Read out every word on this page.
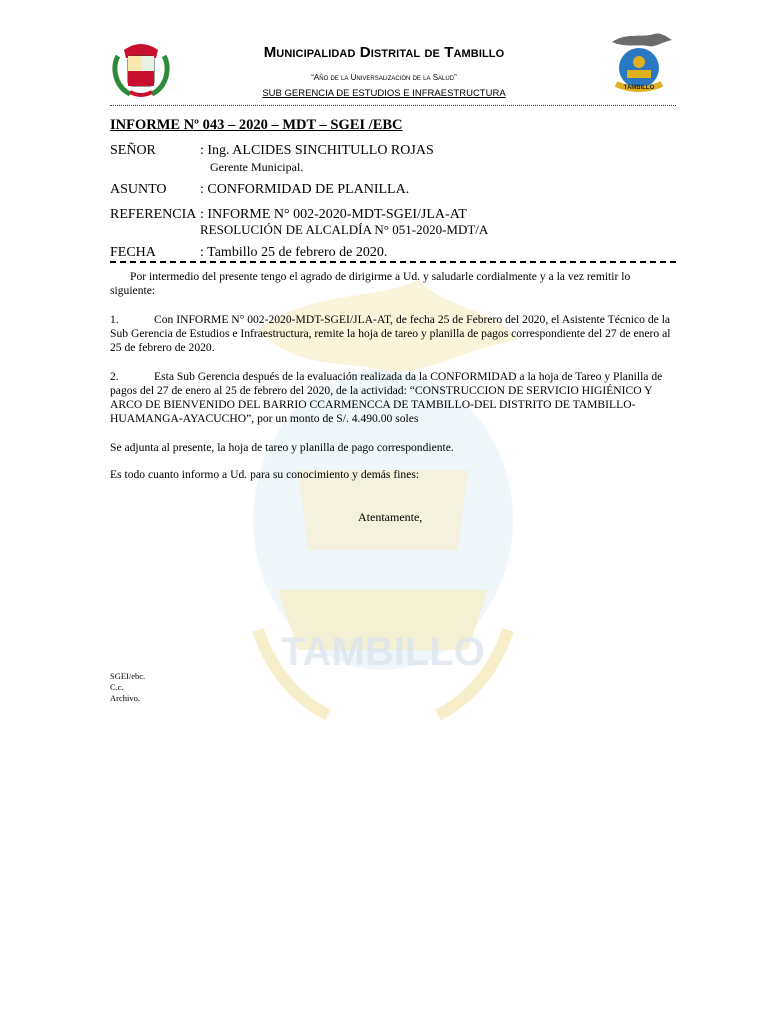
TAMBILLO
Municipalidad Distrital de Tambillo
“Año de la Universalización de la Salud”
SUB GERENCIA DE ESTUDIOS E INFRAESTRUCTURA	TAMBILLO
INFORME Nº 043 – 2020 – MDT – SGEI /EBC
SEÑOR	: Ing. ALCIDES SINCHITULLO ROJAS
Gerente Municipal.
ASUNTO : CONFORMIDAD DE PLANILLA.
REFERENCIA : INFORME N° 002-2020-MDT-SGEI/JLA-AT
RESOLUCIÓN DE ALCALDÍA N° 051-2020-MDT/A
FECHA	: Tambillo 25 de febrero de 2020.
Por intermedio del presente tengo el agrado de dirigirme a Ud. y saludarle cordialmente y a la vez remitir lo siguiente:
1.	Con INFORME N° 002-2020-MDT-SGEI/JLA-AT, de fecha 25 de Febrero del 2020, el Asistente Técnico de la Sub Gerencia de Estudios e Infraestructura, remite la hoja de tareo y planilla de pagos correspondiente del 27 de enero al 25 de febrero de 2020.
2.	Esta Sub Gerencia después de la evaluación realizada da la CONFORMIDAD a la hoja de Tareo y Planilla de pagos del 27 de enero al 25 de febrero del 2020, de la actividad: “CONSTRUCCION DE SERVICIO HIGIÉNICO Y ARCO DE BIENVENIDO DEL BARRIO CCARMENCCA DE TAMBILLO-DEL DISTRITO DE TAMBILLO-HUAMANGA-AYACUCHO”, por un monto de S/. 4.490.00 soles
Se adjunta al presente, la hoja de tareo y planilla de pago correspondiente.
Es todo cuanto informo a Ud. para su conocimiento y demás fines:
Atentamente,
SGEI/ebc.
C.c.
Archivo.
